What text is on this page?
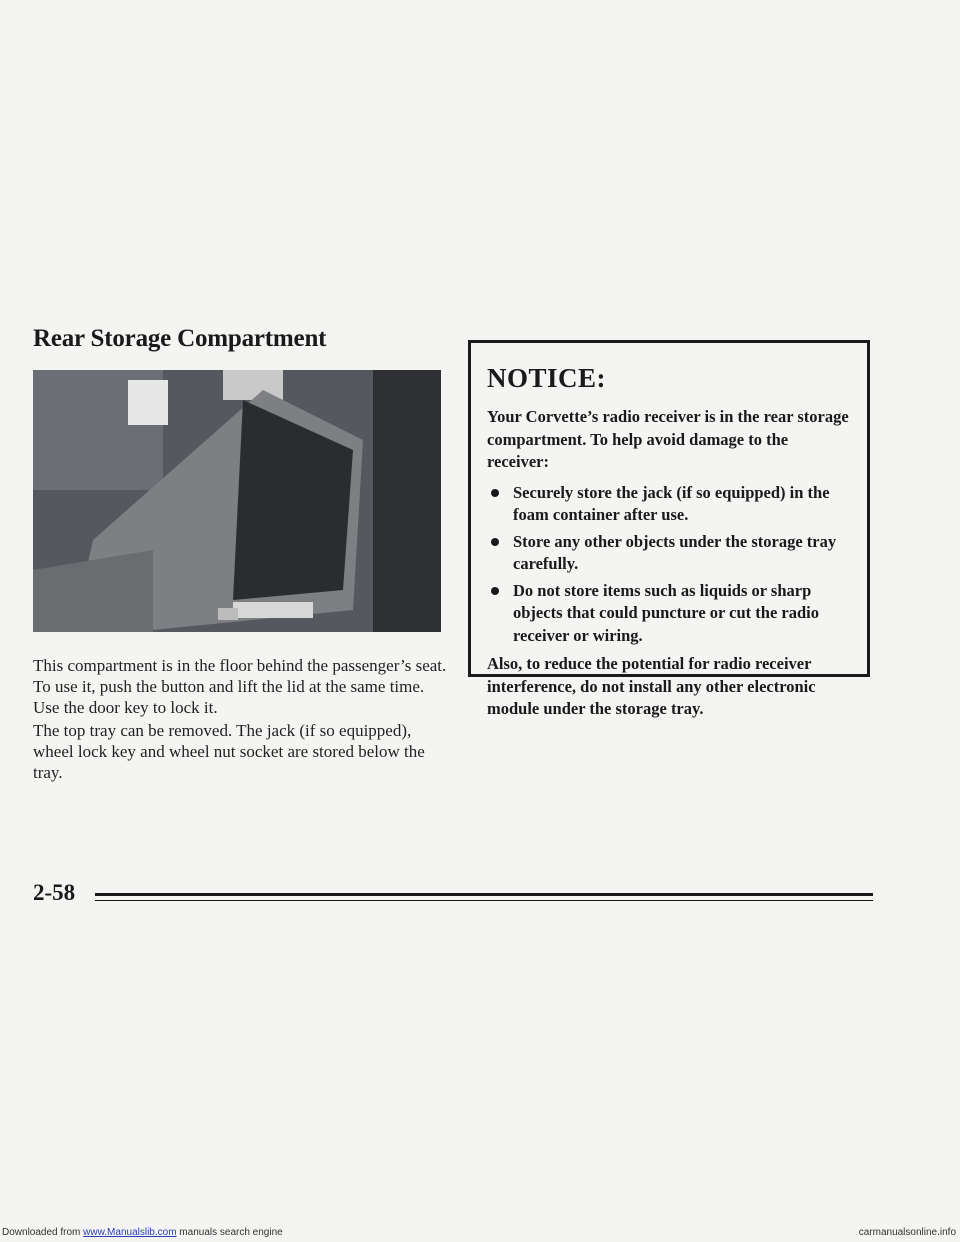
Rear Storage Compartment

This compartment is in the floor behind the passenger’s seat. To use it, push the button and lift the lid at the same time. Use the door key to lock it.

The top tray can be removed. The jack (if so equipped), wheel lock key and wheel nut socket are stored below the tray.

NOTICE:

Your Corvette’s radio receiver is in the rear storage compartment. To help avoid damage to the receiver:

Securely store the jack (if so equipped) in the foam container after use.
Store any other objects under the storage tray carefully.
Do not store items such as liquids or sharp objects that could puncture or cut the radio receiver or wiring.

Also, to reduce the potential for radio receiver interference, do not install any other electronic module under the storage tray.

2-58
Downloaded from www.Manualslib.com manuals search engine	carmanualsonline.info
